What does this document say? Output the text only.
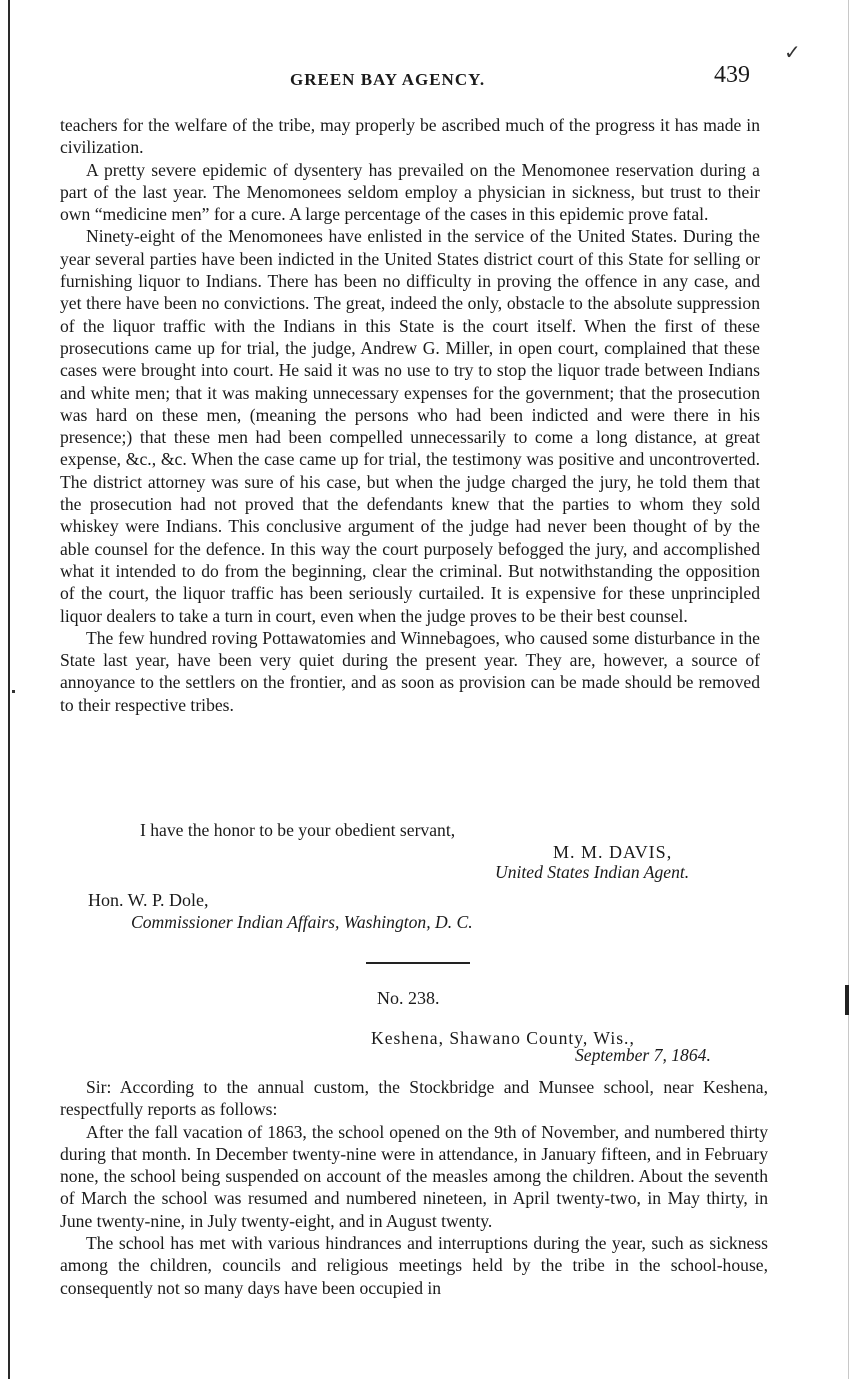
✓
GREEN BAY AGENCY.	439

teachers for the welfare of the tribe, may properly be ascribed much of the progress it has made in civilization.

A pretty severe epidemic of dysentery has prevailed on the Menomonee reservation during a part of the last year. The Menomonees seldom employ a physician in sickness, but trust to their own “medicine men” for a cure. A large percentage of the cases in this epidemic prove fatal.

Ninety-eight of the Menomonees have enlisted in the service of the United States. During the year several parties have been indicted in the United States district court of this State for selling or furnishing liquor to Indians. There has been no difficulty in proving the offence in any case, and yet there have been no convictions. The great, indeed the only, obstacle to the absolute suppression of the liquor traffic with the Indians in this State is the court itself. When the first of these prosecutions came up for trial, the judge, Andrew G. Miller, in open court, complained that these cases were brought into court. He said it was no use to try to stop the liquor trade between Indians and white men; that it was making unnecessary expenses for the government; that the prosecution was hard on these men, (meaning the persons who had been indicted and were there in his presence;) that these men had been compelled unnecessarily to come a long distance, at great expense, &c., &c. When the case came up for trial, the testimony was positive and uncontroverted. The district attorney was sure of his case, but when the judge charged the jury, he told them that the prosecution had not proved that the defendants knew that the parties to whom they sold whiskey were Indians. This conclusive argument of the judge had never been thought of by the able counsel for the defence. In this way the court purposely befogged the jury, and accomplished what it intended to do from the beginning, clear the criminal. But notwithstanding the opposition of the court, the liquor traffic has been seriously curtailed. It is expensive for these unprincipled liquor dealers to take a turn in court, even when the judge proves to be their best counsel.

The few hundred roving Pottawatomies and Winnebagoes, who caused some disturbance in the State last year, have been very quiet during the present year. They are, however, a source of annoyance to the settlers on the frontier, and as soon as provision can be made should be removed to their respective tribes.

I have the honor to be your obedient servant,
M. M. DAVIS,
United States Indian Agent.
Hon. W. P. Dole,
Commissioner Indian Affairs, Washington, D. C.
No. 238.
Keshena, Shawano County, Wis.,
September 7, 1864.

Sir: According to the annual custom, the Stockbridge and Munsee school, near Keshena, respectfully reports as follows:

After the fall vacation of 1863, the school opened on the 9th of November, and numbered thirty during that month. In December twenty-nine were in attendance, in January fifteen, and in February none, the school being suspended on account of the measles among the children. About the seventh of March the school was resumed and numbered nineteen, in April twenty-two, in May thirty, in June twenty-nine, in July twenty-eight, and in August twenty.

The school has met with various hindrances and interruptions during the year, such as sickness among the children, councils and religious meetings held by the tribe in the school-house, consequently not so many days have been occupied in
